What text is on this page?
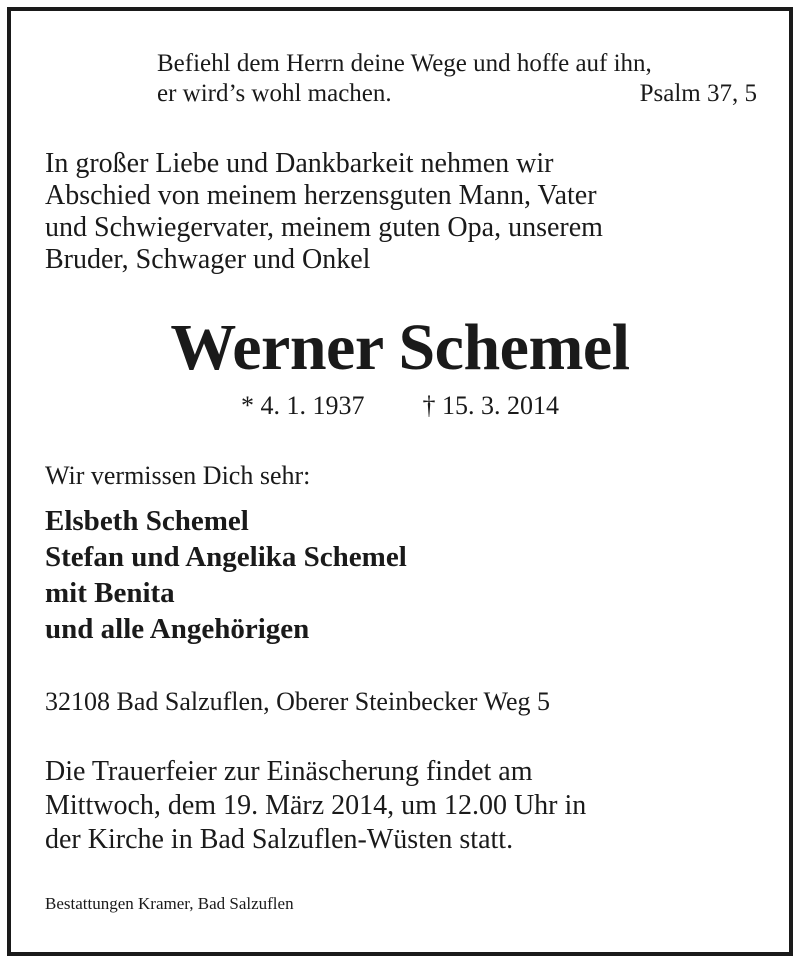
Befiehl dem Herrn deine Wege und hoffe auf ihn,
er wird’s wohl machen.	Psalm 37, 5
In großer Liebe und Dankbarkeit nehmen wir
Abschied von meinem herzensguten Mann, Vater
und Schwiegervater, meinem guten Opa, unserem
Bruder, Schwager und Onkel
Werner Schemel
* 4. 1. 1937 † 15. 3. 2014
Wir vermissen Dich sehr:
Elsbeth Schemel
Stefan und Angelika Schemel
mit Benita
und alle Angehörigen
32108 Bad Salzuflen, Oberer Steinbecker Weg 5
Die Trauerfeier zur Einäscherung findet am
Mittwoch, dem 19. März 2014, um 12.00 Uhr in
der Kirche in Bad Salzuflen-Wüsten statt.
Bestattungen Kramer, Bad Salzuflen
